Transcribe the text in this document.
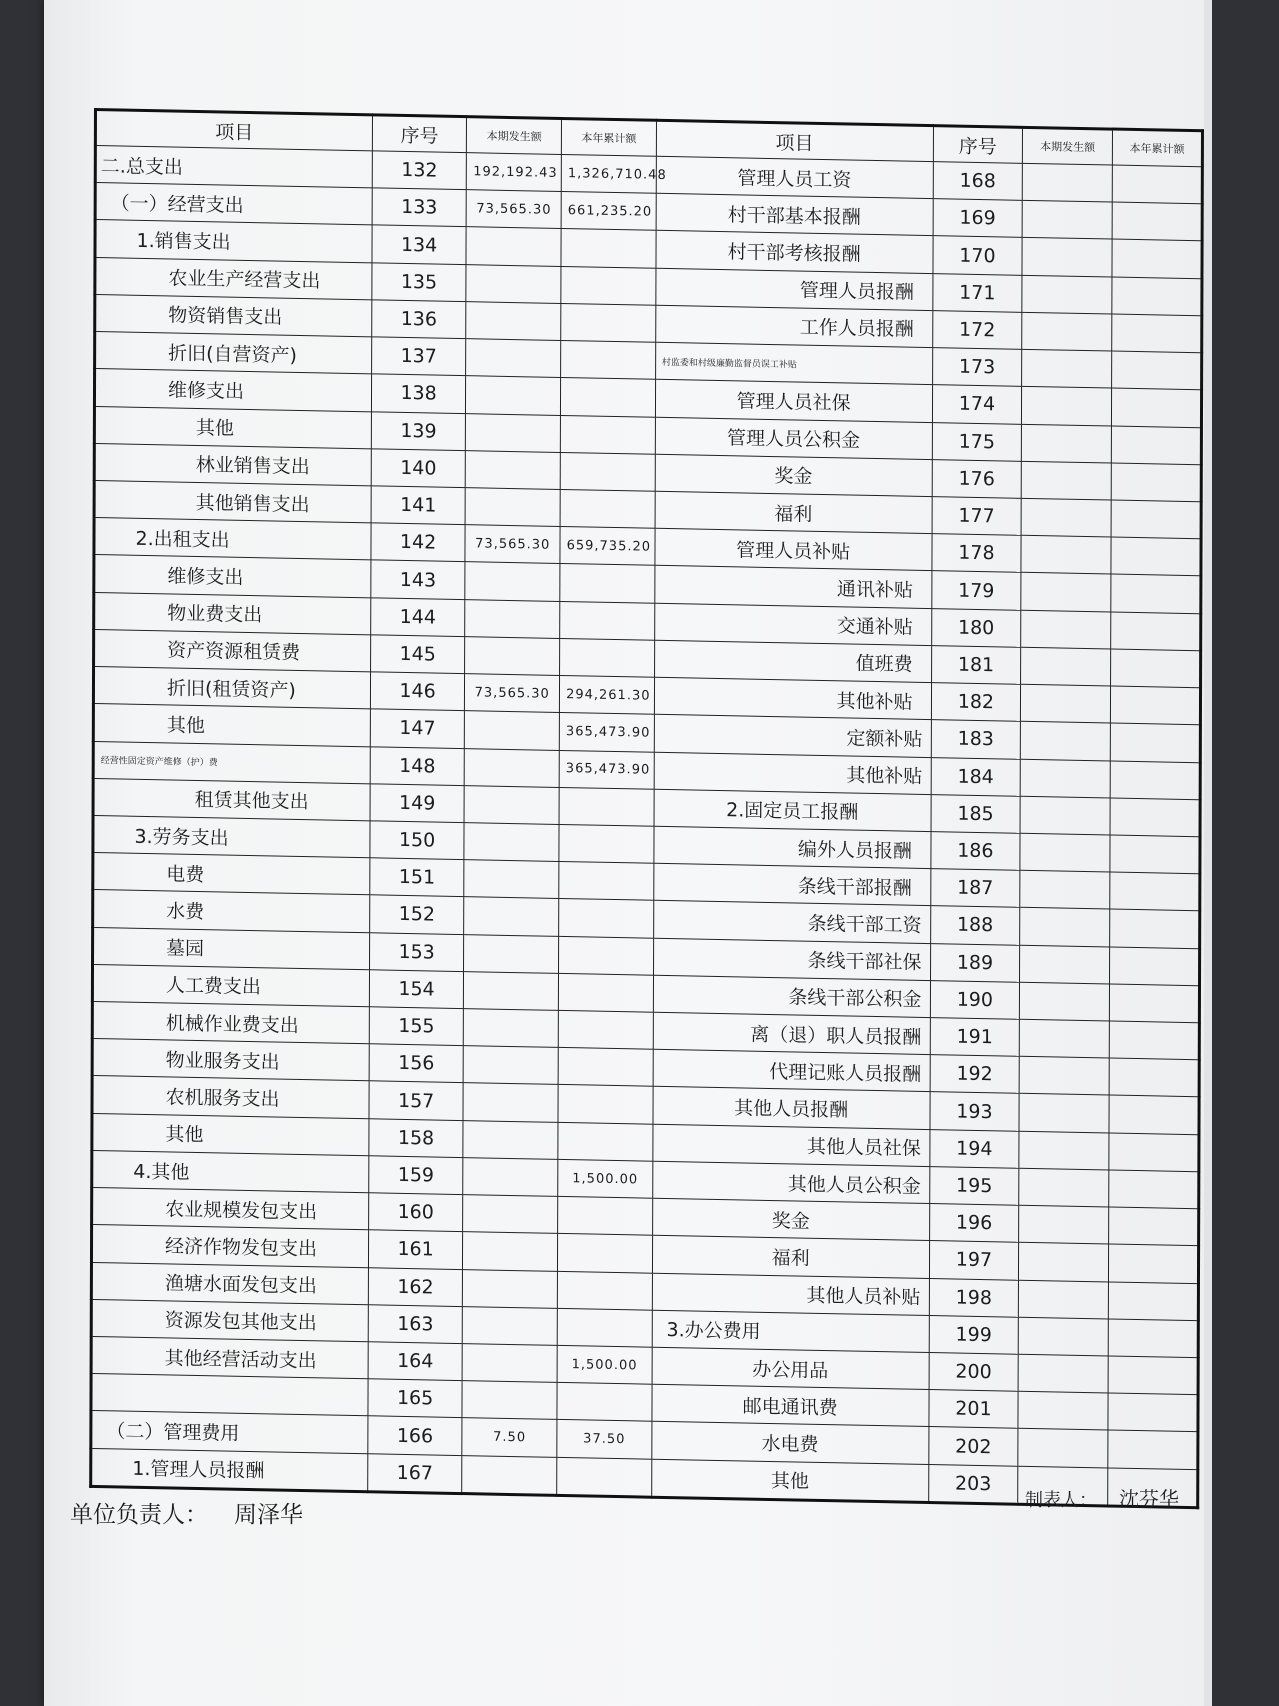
项目	序号	本期发生额	本年累计额	项目	序号	本期发生额	本年累计额
二.总支出	132	192,192.43	1,326,710.48	管理人员工资	168		
（一）经营支出	133	73,565.30	661,235.20	村干部基本报酬	169		
1.销售支出	134			村干部考核报酬	170		
农业生产经营支出	135			管理人员报酬	171		
物资销售支出	136			工作人员报酬	172		
折旧(自营资产)	137			村监委和村级廉勤监督员误工补贴	173		
维修支出	138			管理人员社保	174		
其他	139			管理人员公积金	175		
林业销售支出	140			奖金	176		
其他销售支出	141			福利	177		
2.出租支出	142	73,565.30	659,735.20	管理人员补贴	178		
维修支出	143			通讯补贴	179		
物业费支出	144			交通补贴	180		
资产资源租赁费	145			值班费	181		
折旧(租赁资产)	146	73,565.30	294,261.30	其他补贴	182		
其他	147		365,473.90	定额补贴	183		
经营性固定资产维修（护）费	148		365,473.90	其他补贴	184		
租赁其他支出	149			2.固定员工报酬	185		
3.劳务支出	150			编外人员报酬	186		
电费	151			条线干部报酬	187		
水费	152			条线干部工资	188		
墓园	153			条线干部社保	189		
人工费支出	154			条线干部公积金	190		
机械作业费支出	155			离（退）职人员报酬	191		
物业服务支出	156			代理记账人员报酬	192		
农机服务支出	157			其他人员报酬	193		
其他	158			其他人员社保	194		
4.其他	159		1,500.00	其他人员公积金	195		
农业规模发包支出	160			奖金	196		
经济作物发包支出	161			福利	197		
渔塘水面发包支出	162			其他人员补贴	198		
资源发包其他支出	163			3.办公费用	199		
其他经营活动支出	164		1,500.00	办公用品	200		
	165			邮电通讯费	201		
（二）管理费用	166	7.50	37.50	水电费	202		
1.管理人员报酬	167			其他	203		
单位负责人： 周泽华
制表人： 沈芬华
